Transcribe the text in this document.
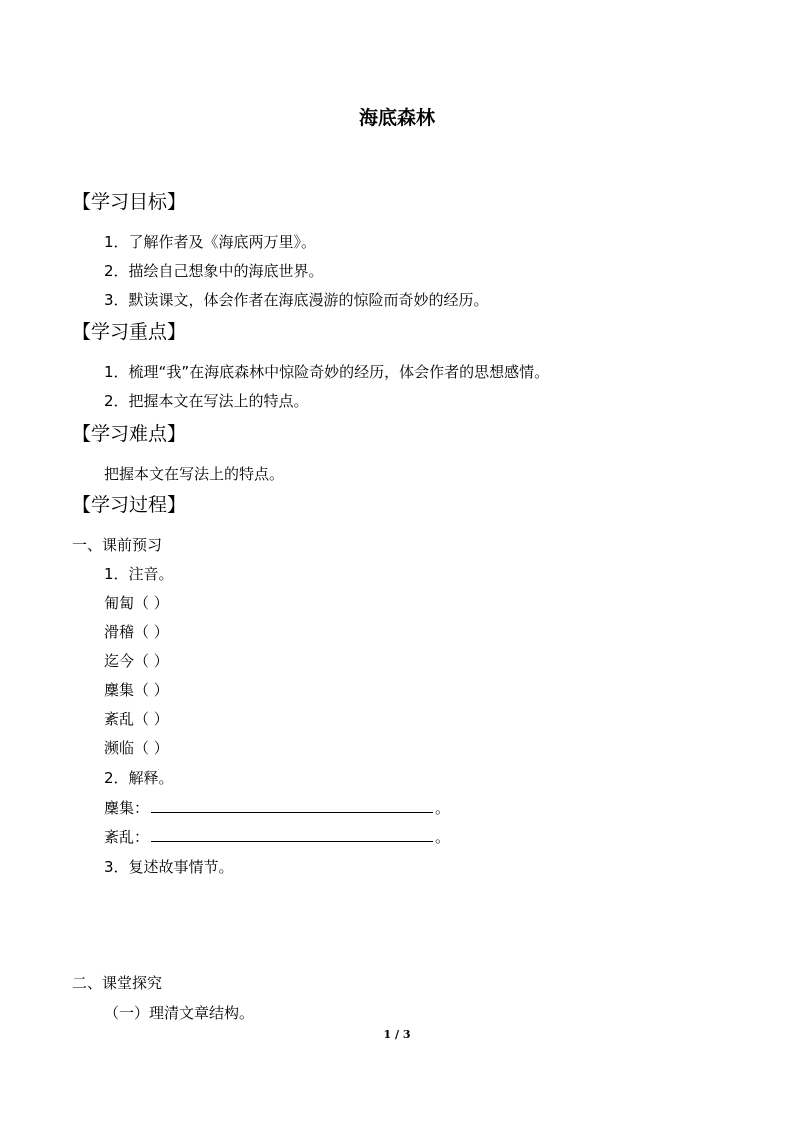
海底森林
【学习目标】
1．了解作者及《海底两万里》。
2．描绘自己想象中的海底世界。
3．默读课文，体会作者在海底漫游的惊险而奇妙的经历。
【学习重点】
1．梳理“我”在海底森林中惊险奇妙的经历，体会作者的思想感情。
2．把握本文在写法上的特点。
【学习难点】
把握本文在写法上的特点。
【学习过程】
一、课前预习
1．注音。
匍匐（ ）
滑稽（ ）
迄今（ ）
麇集（ ）
紊乱（ ）
濒临（ ）
2．解释。
麇集：	。
紊乱：	。
3．复述故事情节。
二、课堂探究
（一）理清文章结构。
1 / 3
